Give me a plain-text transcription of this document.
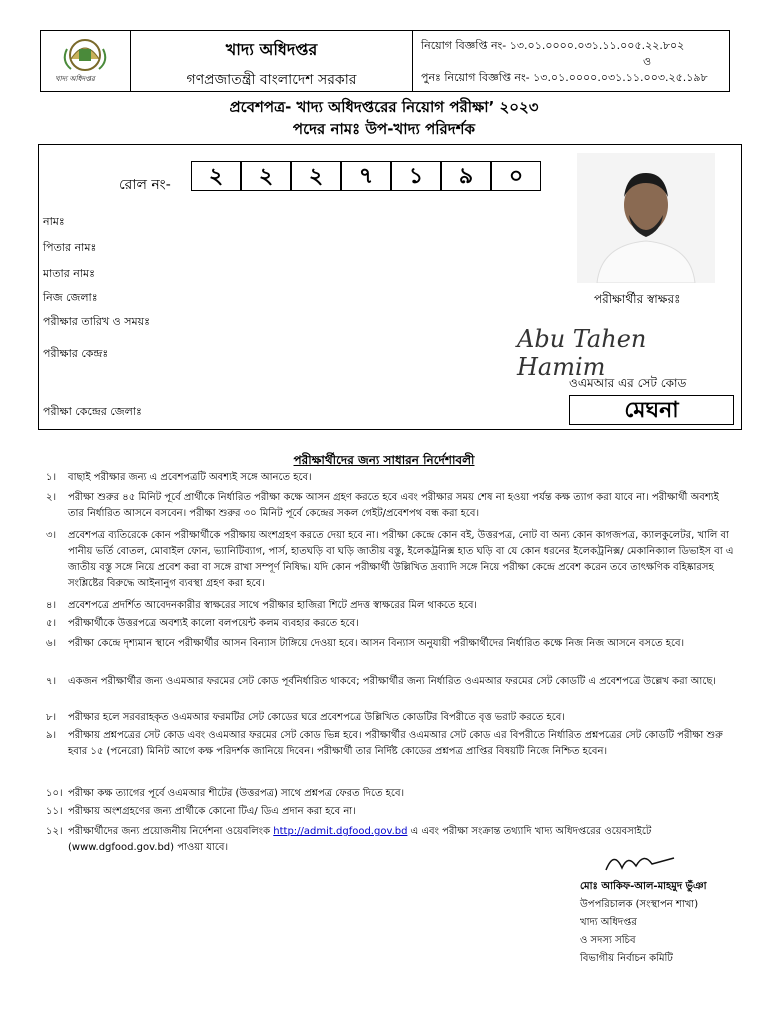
খাদ্য অধিদপ্তর
খাদ্য অধিদপ্তর
গণপ্রজাতন্ত্রী বাংলাদেশ সরকার
নিয়োগ বিজ্ঞপ্তি নং- ১৩.০১.০০০০.০৩১.১১.০০৫.২২.৮০২
ও
পুনঃ নিয়োগ বিজ্ঞপ্তি নং- ১৩.০১.০০০০.০৩১.১১.০০৩.২৫.১৯৮
প্রবেশপত্র- খাদ্য অধিদপ্তরের নিয়োগ পরীক্ষা’ ২০২৩
পদের নামঃ উপ-খাদ্য পরিদর্শক
রোল নং-	২	২	২	৭	১	৯	০
নামঃ
পিতার নামঃ
মাতার নামঃ
নিজ জেলাঃ
পরীক্ষার তারিখ ও সময়ঃ
পরীক্ষার কেন্দ্রঃ
পরীক্ষা কেন্দ্রের জেলাঃ
পরীক্ষার্থীর স্বাক্ষরঃ
Abu Tahen Hamim
ওএমআর এর সেট কোড
মেঘনা
পরীক্ষার্থীদের জন্য সাধারন নির্দেশাবলী
১। বাছাই পরীক্ষার জন্য এ প্রবেশপত্রটি অবশ্যই সঙ্গে আনতে হবে।
২। পরীক্ষা শুরুর ৪৫ মিনিট পূর্বে প্রার্থীকে নির্ধারিত পরীক্ষা কক্ষে আসন গ্রহণ করতে হবে এবং পরীক্ষার সময় শেষ না হওয়া পর্যন্ত কক্ষ ত্যাগ করা যাবে না। পরীক্ষার্থী অবশ্যই তার নির্ধারিত আসনে বসবেন। পরীক্ষা শুরুর ৩০ মিনিট পূর্বে কেন্দ্রের সকল গেইট/প্রবেশপথ বন্ধ করা হবে।
৩। প্রবেশপত্র ব্যতিরেকে কোন পরীক্ষার্থীকে পরীক্ষায় অংশগ্রহণ করতে দেয়া হবে না। পরীক্ষা কেন্দ্রে কোন বই, উত্তরপত্র, নোট বা অন্য কোন কাগজপত্র, ক্যালকুলেটর, খালি বা পানীয় ভর্তি বোতল, মোবাইল ফোন, ভ্যানিটিব্যাগ, পার্স, হাতঘড়ি বা ঘড়ি জাতীয় বস্তু, ইলেকট্রনিক্স হাত ঘড়ি বা যে কোন ধরনের ইলেকট্রনিক্স/ মেকানিক্যাল ডিভাইস বা এ জাতীয় বস্তু সঙ্গে নিয়ে প্রবেশ করা বা সঙ্গে রাখা সম্পূর্ণ নিষিদ্ধ। যদি কোন পরীক্ষার্থী উল্লিখিত দ্রব্যাদি সঙ্গে নিয়ে পরীক্ষা কেন্দ্রে প্রবেশ করেন তবে তাৎক্ষণিক বহিষ্কারসহ সংশ্লিষ্টের বিরুদ্ধে আইনানুগ ব্যবস্থা গ্রহণ করা হবে।
৪। প্রবেশপত্রে প্রদর্শিত আবেদনকারীর স্বাক্ষরের সাথে পরীক্ষার হাজিরা শিটে প্রদত্ত স্বাক্ষরের মিল থাকতে হবে।
৫। পরীক্ষার্থীকে উত্তরপত্রে অবশ্যই কালো বলপয়েন্ট কলম ব্যবহার করতে হবে।
৬। পরীক্ষা কেন্দ্রে দৃশ্যমান স্থানে পরীক্ষার্থীর আসন বিন্যাস টাঙ্গিয়ে দেওয়া হবে। আসন বিন্যাস অনুযায়ী পরীক্ষার্থীদের নির্ধারিত কক্ষে নিজ নিজ আসনে বসতে হবে।
৭। একজন পরীক্ষার্থীর জন্য ওএমআর ফরমের সেট কোড পূর্বনির্ধারিত থাকবে; পরীক্ষার্থীর জন্য নির্ধারিত ওএমআর ফরমের সেট কোডটি এ প্রবেশপত্রে উল্লেখ করা আছে।
৮। পরীক্ষার হলে সরবরাহকৃত ওএমআর ফরমটির সেট কোডের ঘরে প্রবেশপত্রে উল্লিখিত কোডটির বিপরীতে বৃত্ত ভরাট করতে হবে।
৯। পরীক্ষায় প্রশ্নপত্রের সেট কোড এবং ওএমআর ফরমের সেট কোড ভিন্ন হবে। পরীক্ষার্থীর ওএমআর সেট কোড এর বিপরীতে নির্ধারিত প্রশ্নপত্রের সেট কোডটি পরীক্ষা শুরু হবার ১৫ (পনেরো) মিনিট আগে কক্ষ পরিদর্শক জানিয়ে দিবেন। পরীক্ষার্থী তার নির্দিষ্ট কোডের প্রশ্নপত্র প্রাপ্তির বিষয়টি নিজে নিশ্চিত হবেন।
১০। পরীক্ষা কক্ষ ত্যাগের পূর্বে ওএমআর শীটের (উত্তরপত্র) সাথে প্রশ্নপত্র ফেরত দিতে হবে।
১১। পরীক্ষায় অংশগ্রহণের জন্য প্রার্থীকে কোনো টিএ/ ডিএ প্রদান করা হবে না।
১২। পরীক্ষার্থীদের জন্য প্রয়োজনীয় নির্দেশনা ওয়েবলিংক http://admit.dgfood.gov.bd এ এবং পরীক্ষা সংক্রান্ত তথ্যাদি খাদ্য অধিদপ্তরের ওয়েবসাইটে (www.dgfood.gov.bd) পাওয়া যাবে।
মোঃ আকিফ-আল-মাহমুদ ভুঁঞা
উপপরিচালক (সংস্থাপন শাখা)
খাদ্য অধিদপ্তর
ও সদস্য সচিব
বিভাগীয় নির্বাচন কমিটি
